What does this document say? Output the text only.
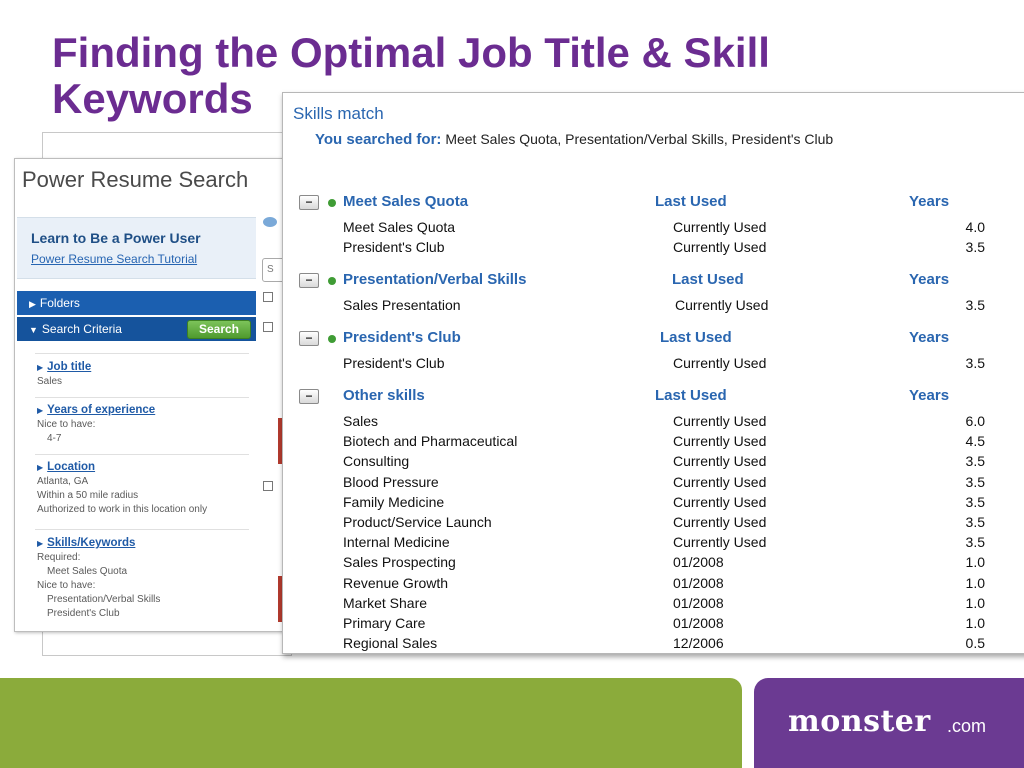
Finding the Optimal Job Title & Skill Keywords
Power Resume Search
Learn to Be a Power User
Power Resume Search Tutorial
▶ Folders
▼ Search Criteria	Search
▶ Job title
Sales
▶ Years of experience
Nice to have:

4-7
▶ Location
Atlanta, GA
Within a 50 mile radius
Authorized to work in this location only
▶ Skills/Keywords
Required:

Meet Sales Quota
Nice to have:

Presentation/Verbal Skills
President's Club
S
Skills match
You searched for: Meet Sales Quota, Presentation/Verbal Skills, President's Club
−	Meet Sales Quota	Last Used	Years
Meet Sales Quota	Currently Used	4.0
President's Club	Currently Used	3.5
−	Presentation/Verbal Skills	Last Used	Years
Sales Presentation	Currently Used	3.5
−	President's Club	Last Used	Years
President's Club	Currently Used	3.5
−	Other skills	Last Used	Years
Sales	Currently Used	6.0
Biotech and Pharmaceutical	Currently Used	4.5
Consulting	Currently Used	3.5
Blood Pressure	Currently Used	3.5
Family Medicine	Currently Used	3.5
Product/Service Launch	Currently Used	3.5
Internal Medicine	Currently Used	3.5
Sales Prospecting	01/2008	1.0
Revenue Growth	01/2008	1.0
Market Share	01/2008	1.0
Primary Care	01/2008	1.0
Regional Sales	12/2006	0.5
monster .com
